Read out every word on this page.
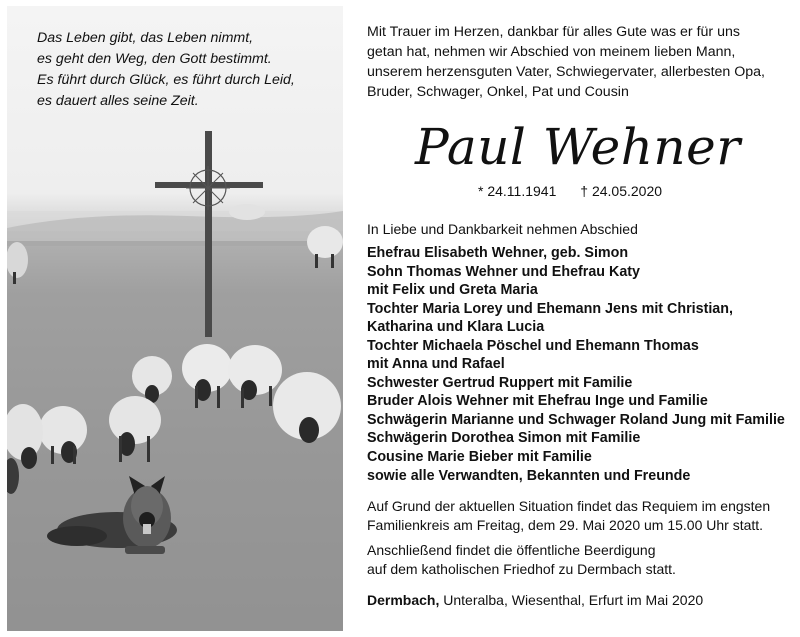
Das Leben gibt, das Leben nimmt,
es geht den Weg, den Gott bestimmt.
Es führt durch Glück, es führt durch Leid,
es dauert alles seine Zeit.
Mit Trauer im Herzen, dankbar für alles Gute was er für uns
getan hat, nehmen wir Abschied von meinem lieben Mann,
unserem herzensguten Vater, Schwiegervater, allerbesten Opa,
Bruder, Schwager, Onkel, Pat und Cousin
Paul Wehner
* 24.11.1941 † 24.05.2020
In Liebe und Dankbarkeit nehmen Abschied
Ehefrau Elisabeth Wehner, geb. Simon
Sohn Thomas Wehner und Ehefrau Katy
mit Felix und Greta Maria
Tochter Maria Lorey und Ehemann Jens mit Christian,
Katharina und Klara Lucia
Tochter Michaela Pöschel und Ehemann Thomas
mit Anna und Rafael
Schwester Gertrud Ruppert mit Familie
Bruder Alois Wehner mit Ehefrau Inge und Familie
Schwägerin Marianne und Schwager Roland Jung mit Familie
Schwägerin Dorothea Simon mit Familie
Cousine Marie Bieber mit Familie
sowie alle Verwandten, Bekannten und Freunde
Auf Grund der aktuellen Situation findet das Requiem im engsten
Familienkreis am Freitag, dem 29. Mai 2020 um 15.00 Uhr statt.
Anschließend findet die öffentliche Beerdigung
auf dem katholischen Friedhof zu Dermbach statt.
Dermbach, Unteralba, Wiesenthal, Erfurt im Mai 2020
